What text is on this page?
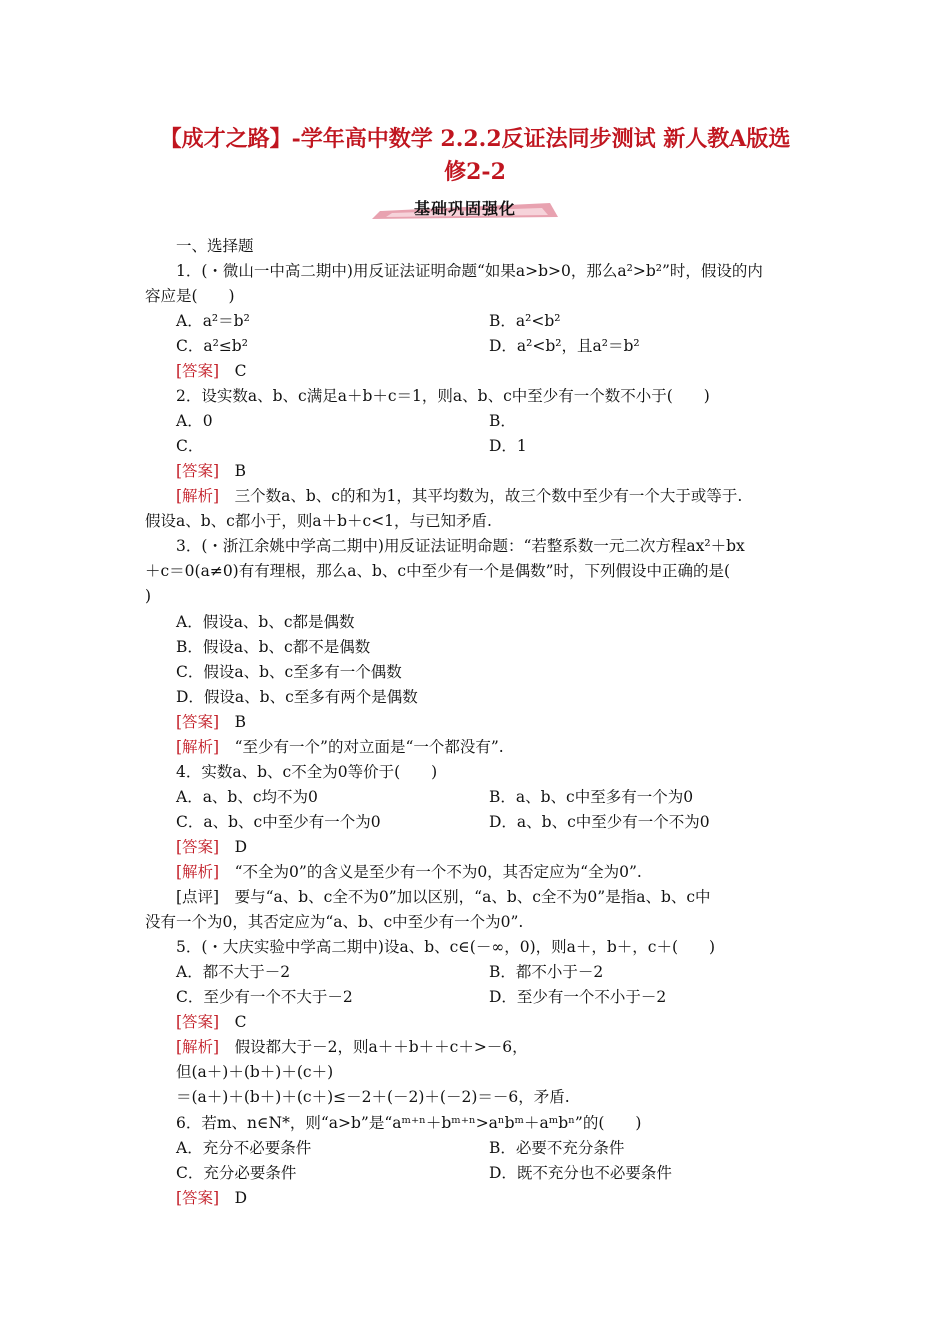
【成才之路】-学年高中数学 2.2.2反证法同步测试 新人教A版选
修2-2
基础巩固强化
一、选择题
1．(・微山一中高二期中)用反证法证明命题“如果a>b>0，那么a²>b²”时，假设的内
容应是(　　)
A．a²＝b²	B．a²<b²
C．a²≤b²	D．a²<b²，且a²＝b²
[答案]　 C
2．设实数a、b、c满足a＋b＋c＝1，则a、b、c中至少有一个数不小于(　　)
A．0	B．
C．	D．1
[答案]　 B
[解析]　三个数a、b、c的和为1，其平均数为，故三个数中至少有一个大于或等于.
假设a、b、c都小于，则a＋b＋c<1，与已知矛盾.
3．(・浙江余姚中学高二期中)用反证法证明命题：“若整系数一元二次方程ax²＋bx
＋c＝0(a≠0)有有理根，那么a、b、c中至少有一个是偶数”时，下列假设中正确的是(
)
A．假设a、b、c都是偶数
B．假设a、b、c都不是偶数
C．假设a、b、c至多有一个偶数
D．假设a、b、c至多有两个是偶数
[答案]　 B
[解析]　“至少有一个”的对立面是“一个都没有”.
4．实数a、b、c不全为0等价于(　　)
A．a、b、c均不为0	B．a、b、c中至多有一个为0
C．a、b、c中至少有一个为0	D．a、b、c中至少有一个不为0
[答案]　 D
[解析]　“不全为0”的含义是至少有一个不为0，其否定应为“全为0”.
[点评]　要与“a、b、c全不为0”加以区别，“a、b、c全不为0”是指a、b、c中
没有一个为0，其否定应为“a、b、c中至少有一个为0”.
5．(・大庆实验中学高二期中)设a、b、c∈(－∞，0)，则a＋，b＋，c＋(　　)
A．都不大于－2	B．都不小于－2
C．至少有一个不大于－2	D．至少有一个不小于－2
[答案]　 C
[解析]　假设都大于－2，则a＋＋b＋＋c＋>－6，
但(a＋)＋(b＋)＋(c＋)
＝(a＋)＋(b＋)＋(c＋)≤－2＋(－2)＋(－2)＝－6，矛盾.
6．若m、n∈N*，则“a>b”是“aᵐ⁺ⁿ＋bᵐ⁺ⁿ>aⁿbᵐ＋aᵐbⁿ”的(　　)
A．充分不必要条件	B．必要不充分条件
C．充分必要条件	D．既不充分也不必要条件
[答案]　 D
